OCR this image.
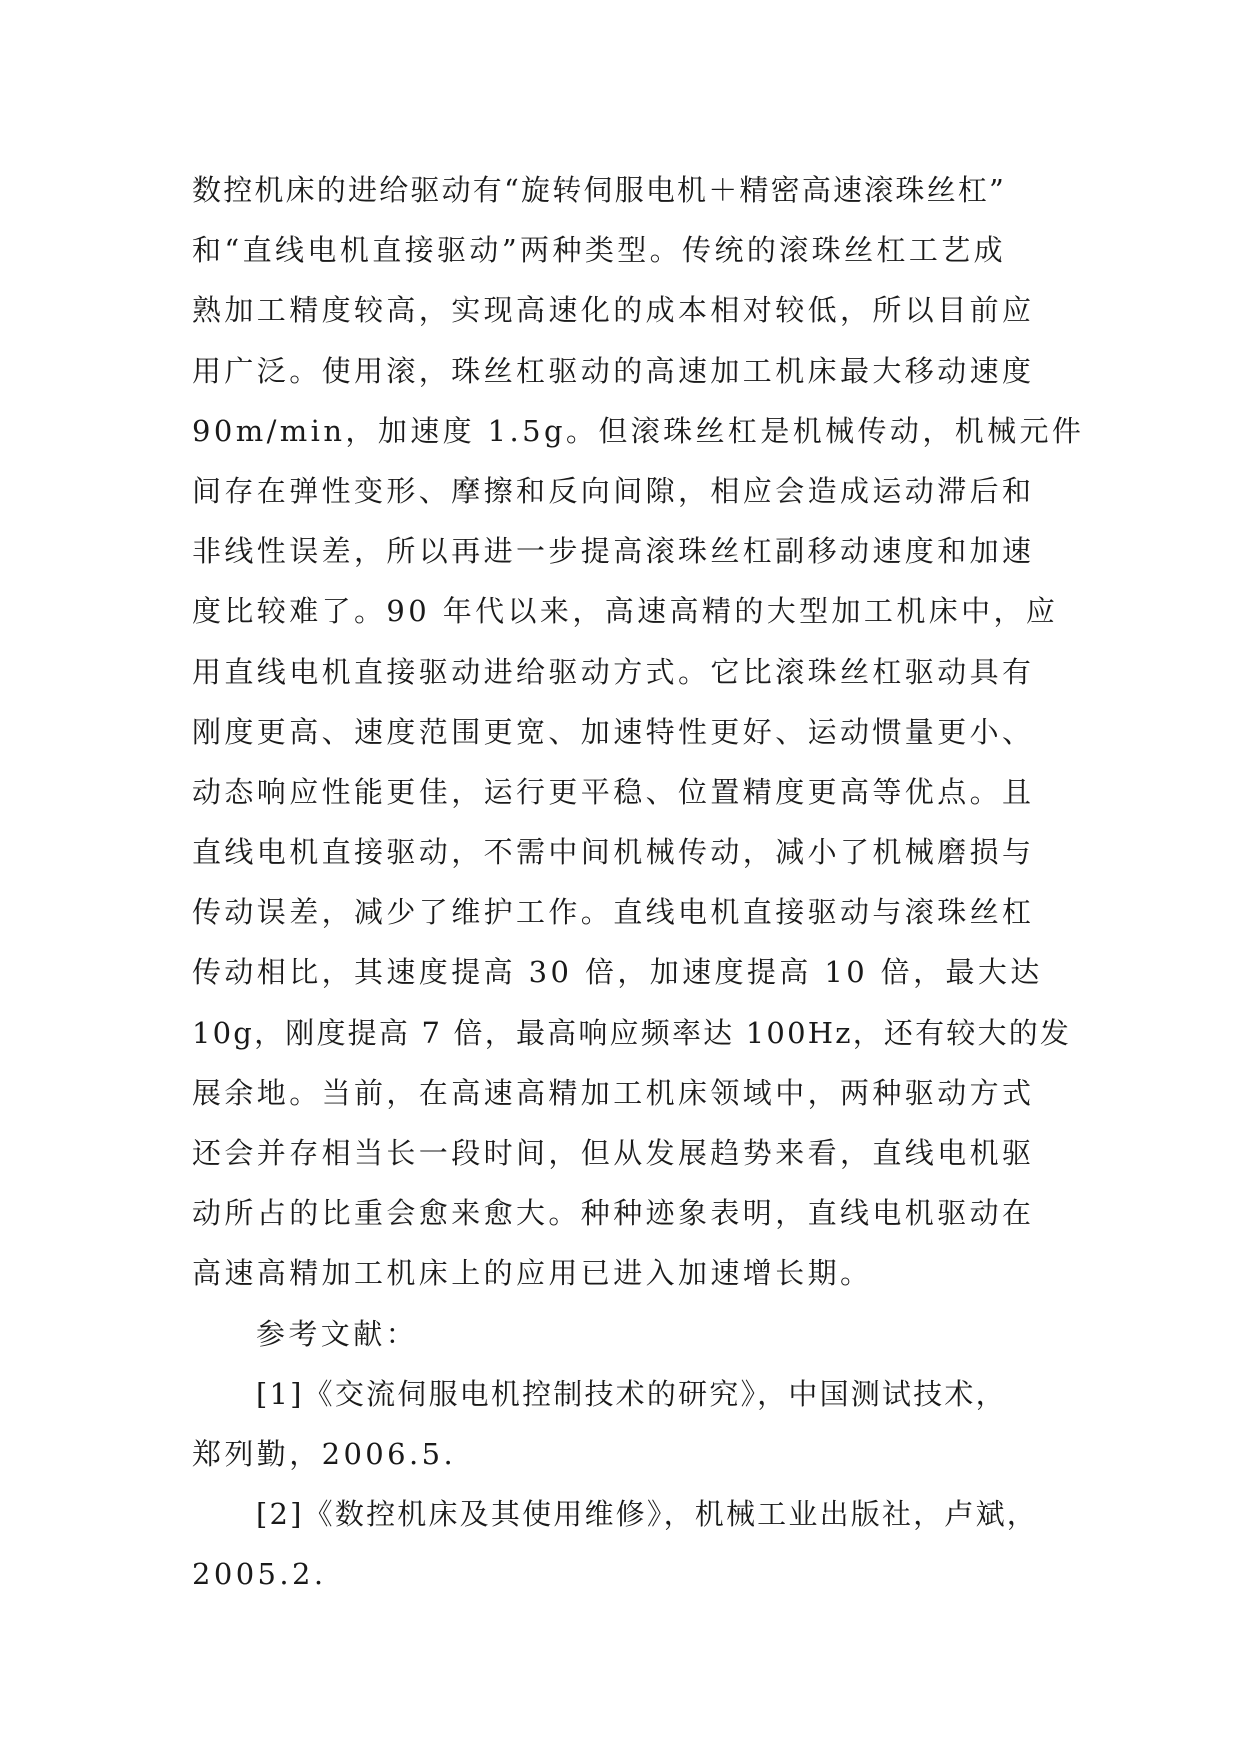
数控机床的进给驱动有“旋转伺服电机＋精密高速滚珠丝杠”
和“直线电机直接驱动”两种类型。传统的滚珠丝杠工艺成
熟加工精度较高，实现高速化的成本相对较低，所以目前应
用广泛。使用滚，珠丝杠驱动的高速加工机床最大移动速度
90m/min，加速度 1.5g。但滚珠丝杠是机械传动，机械元件
间存在弹性变形、摩擦和反向间隙，相应会造成运动滞后和
非线性误差，所以再进一步提高滚珠丝杠副移动速度和加速
度比较难了。90 年代以来，高速高精的大型加工机床中，应
用直线电机直接驱动进给驱动方式。它比滚珠丝杠驱动具有
刚度更高、速度范围更宽、加速特性更好、运动惯量更小、
动态响应性能更佳，运行更平稳、位置精度更高等优点。且
直线电机直接驱动，不需中间机械传动，减小了机械磨损与
传动误差，减少了维护工作。直线电机直接驱动与滚珠丝杠
传动相比，其速度提高 30 倍，加速度提高 10 倍，最大达
10g，刚度提高 7 倍，最高响应频率达 100Hz，还有较大的发
展余地。当前，在高速高精加工机床领域中，两种驱动方式
还会并存相当长一段时间，但从发展趋势来看，直线电机驱
动所占的比重会愈来愈大。种种迹象表明，直线电机驱动在
高速高精加工机床上的应用已进入加速增长期。
参考文献：
[1]《交流伺服电机控制技术的研究》，中国测试技术，
郑列勤，2006.5.
[2]《数控机床及其使用维修》，机械工业出版社，卢斌，
2005.2.
